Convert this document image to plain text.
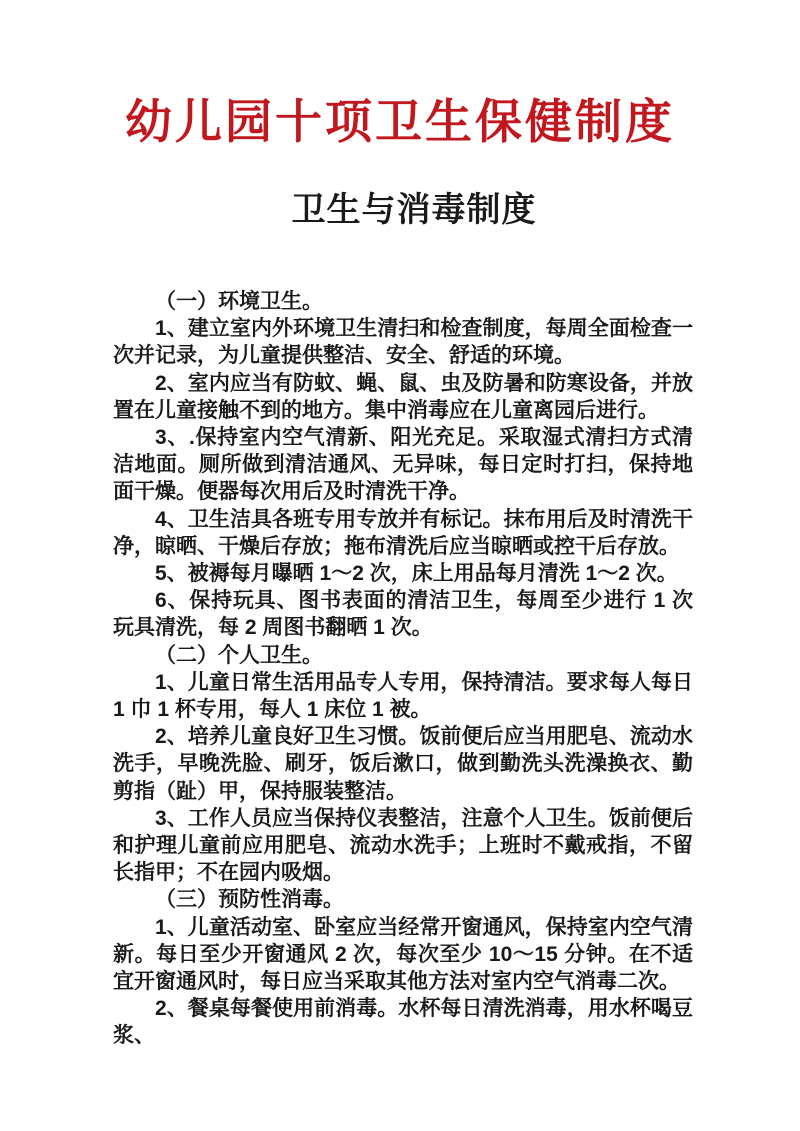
幼儿园十项卫生保健制度
卫生与消毒制度

（一）环境卫生。

1、建立室内外环境卫生清扫和检查制度，每周全面检查一次并记录，为儿童提供整洁、安全、舒适的环境。

2、室内应当有防蚊、蝇、鼠、虫及防暑和防寒设备，并放置在儿童接触不到的地方。集中消毒应在儿童离园后进行。

3、.保持室内空气清新、阳光充足。采取湿式清扫方式清洁地面。厕所做到清洁通风、无异味，每日定时打扫，保持地面干燥。便器每次用后及时清洗干净。

4、卫生洁具各班专用专放并有标记。抹布用后及时清洗干净，晾晒、干燥后存放；拖布清洗后应当晾晒或控干后存放。

5、被褥每月曝晒 1～2 次，床上用品每月清洗 1～2 次。

6、保持玩具、图书表面的清洁卫生，每周至少进行 1 次玩具清洗，每 2 周图书翻晒 1 次。

（二）个人卫生。

1、儿童日常生活用品专人专用，保持清洁。要求每人每日 1 巾 1 杯专用，每人 1 床位 1 被。

2、培养儿童良好卫生习惯。饭前便后应当用肥皂、流动水洗手，早晚洗脸、刷牙，饭后漱口，做到勤洗头洗澡换衣、勤剪指（趾）甲，保持服装整洁。

3、工作人员应当保持仪表整洁，注意个人卫生。饭前便后和护理儿童前应用肥皂、流动水洗手；上班时不戴戒指，不留长指甲；不在园内吸烟。

（三）预防性消毒。

1、儿童活动室、卧室应当经常开窗通风，保持室内空气清新。每日至少开窗通风 2 次，每次至少 10～15 分钟。在不适宜开窗通风时，每日应当采取其他方法对室内空气消毒二次。

2、餐桌每餐使用前消毒。水杯每日清洗消毒，用水杯喝豆浆、
